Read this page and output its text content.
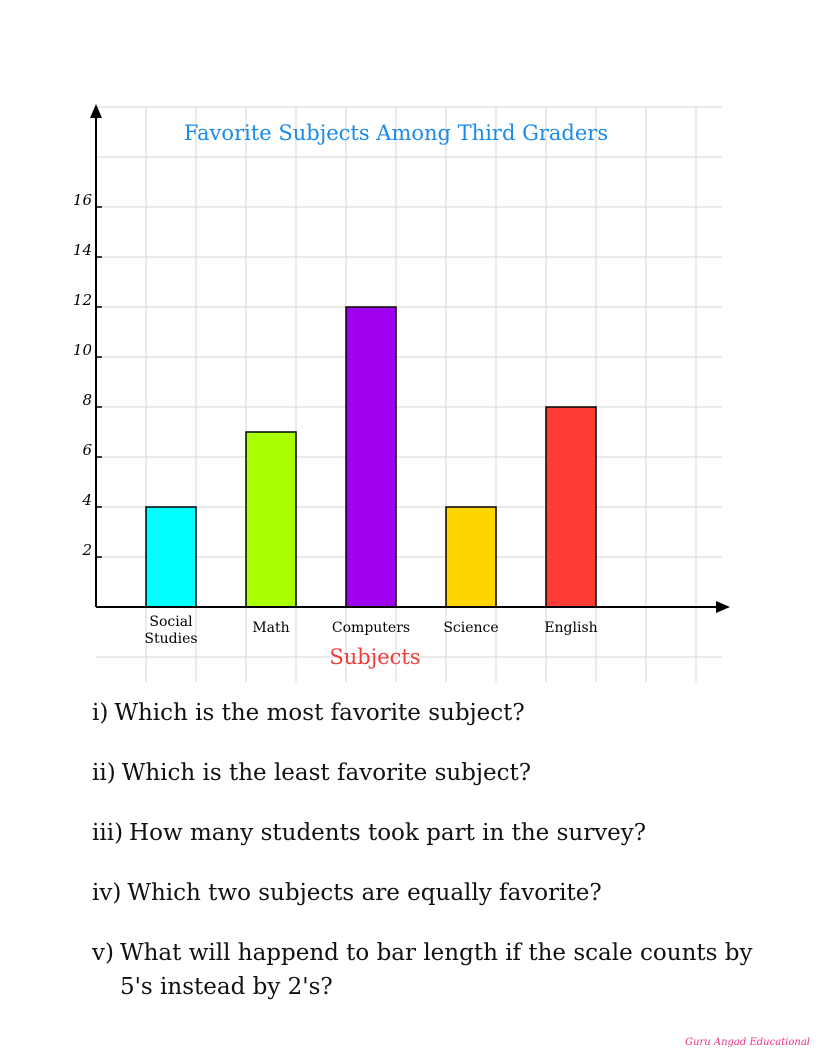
2
4
6
8
10
12
14
16
Social Studies
Math	Computers Science	English
Favorite Subjects Among Third Graders
Subjects
i) Which is the most favorite subject?
ii) Which is the least favorite subject?
iii) How many students took part in the survey?
iv) Which two subjects are equally favorite?
v) What will happend to bar length if the scale counts by 5's instead by 2's?
Guru Angad Educational
